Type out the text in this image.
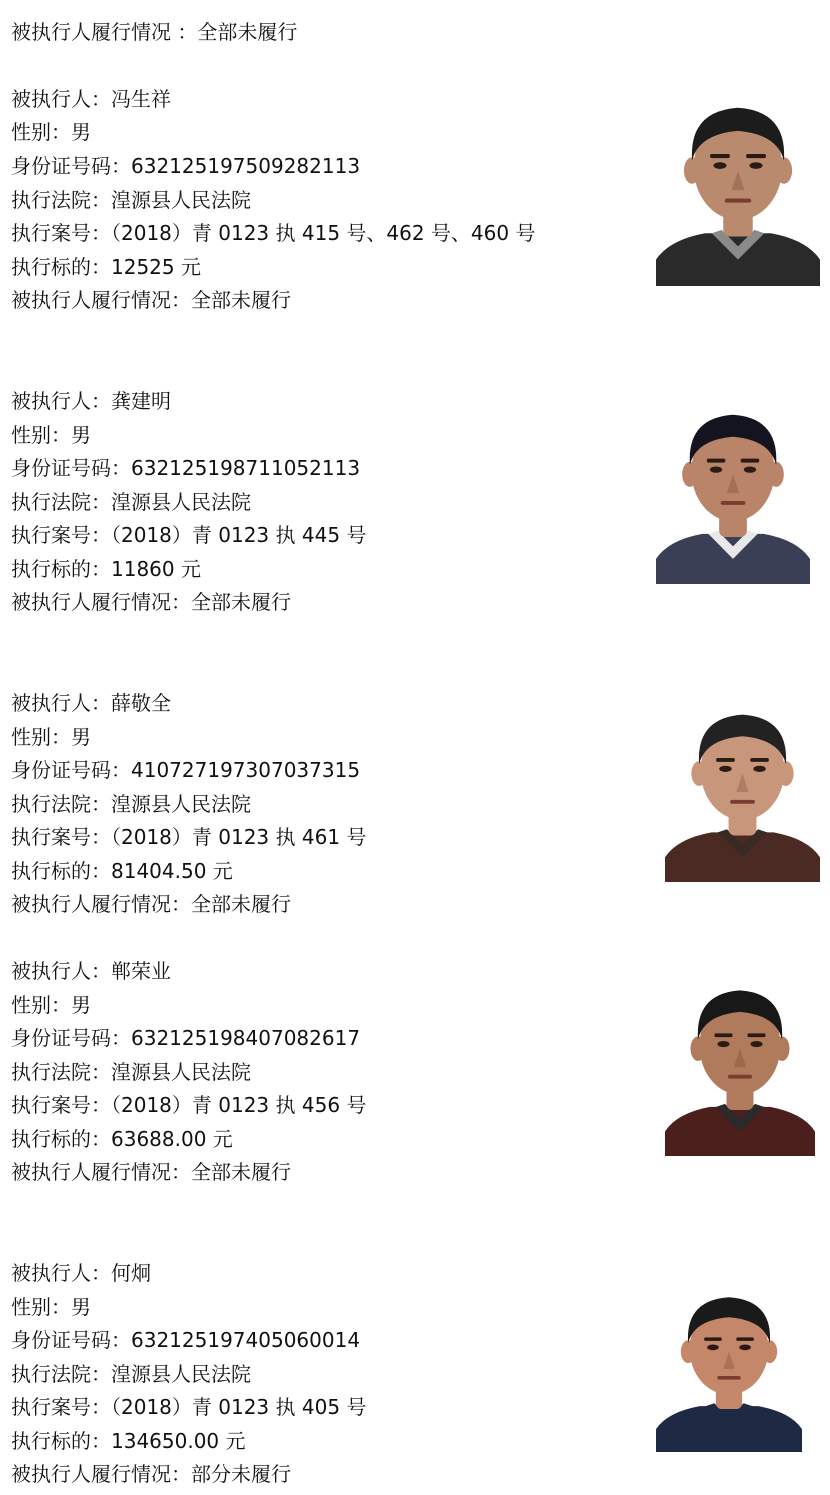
被执行人履行情况 ：全部未履行

被执行人：冯生祥

性别：男

身份证号码：632125197509282113

执行法院：湟源县人民法院

执行案号：（2018）青 0123 执 415 号、462 号、460 号

执行标的：12525 元

被执行人履行情况：全部未履行

被执行人：龚建明

性别：男

身份证号码：632125198711052113

执行法院：湟源县人民法院

执行案号：（2018）青 0123 执 445 号

执行标的：11860 元

被执行人履行情况：全部未履行

被执行人：薛敬全

性别：男

身份证号码：410727197307037315

执行法院：湟源县人民法院

执行案号：（2018）青 0123 执 461 号

执行标的：81404.50 元

被执行人履行情况：全部未履行

被执行人：郸荣业

性别：男

身份证号码：632125198407082617

执行法院：湟源县人民法院

执行案号：（2018）青 0123 执 456 号

执行标的：63688.00 元

被执行人履行情况：全部未履行

被执行人：何炯

性别：男

身份证号码：632125197405060014

执行法院：湟源县人民法院

执行案号：（2018）青 0123 执 405 号

执行标的：134650.00 元

被执行人履行情况：部分未履行
